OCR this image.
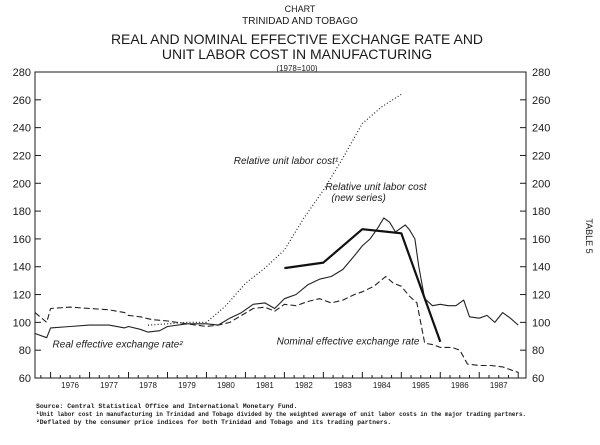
CHART
TRINIDAD AND TOBAGO
REAL AND NOMINAL EFFECTIVE EXCHANGE RATE AND
UNIT LABOR COST IN MANUFACTURING
(1978=100)
TABLE 5
60
80
100
120
140
160
180
200
220
240
260
280
60
80
100
120
140
160
180
200
220
240
260
280
1976	1977	1978	1979	1980	1981	1982	1983	1984	1985	1986	1987
Real effective exchange rate²	Nominal effective exchange rate
Relative unit labor cost¹
Relative unit labor cost
(new series)
Source: Central Statistical Office and International Monetary Fund.
¹Unit labor cost in manufacturing in Trinidad and Tobago divided by the weighted average of unit labor costs in the major trading partners.
²Deflated by the consumer price indices for both Trinidad and Tobago and its trading partners.
